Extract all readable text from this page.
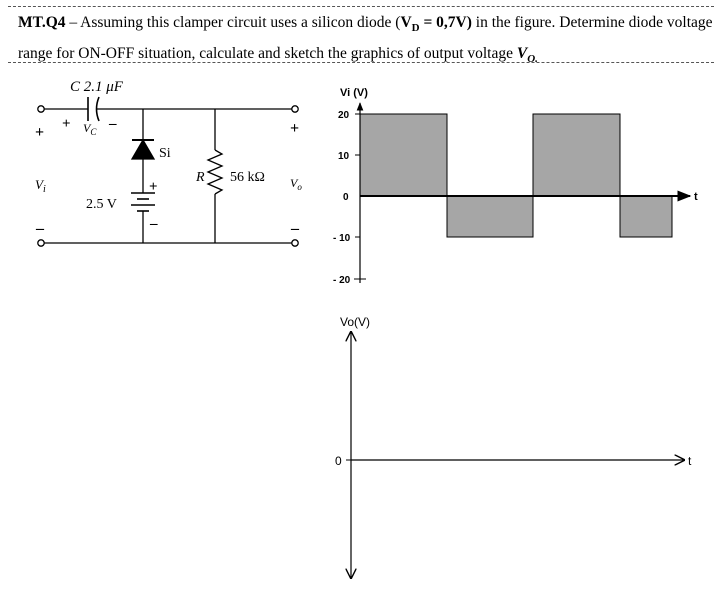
MT.Q4 – Assuming this clamper circuit uses a silicon diode $(V_D = 0,7V)$ in the figure. Determine diode voltage range for ON-OFF situation, calculate and sketch the graphics of output voltage $V_{O.}$
C 2.1 μF
+ $V_C$ –
+
$V_i$
–
Si
+
–
2.5 V
R 56 kΩ
+
$V_o$
–
Vi (V)
20
10
0
- 10
- 20
t
Vo(V)
0	t
